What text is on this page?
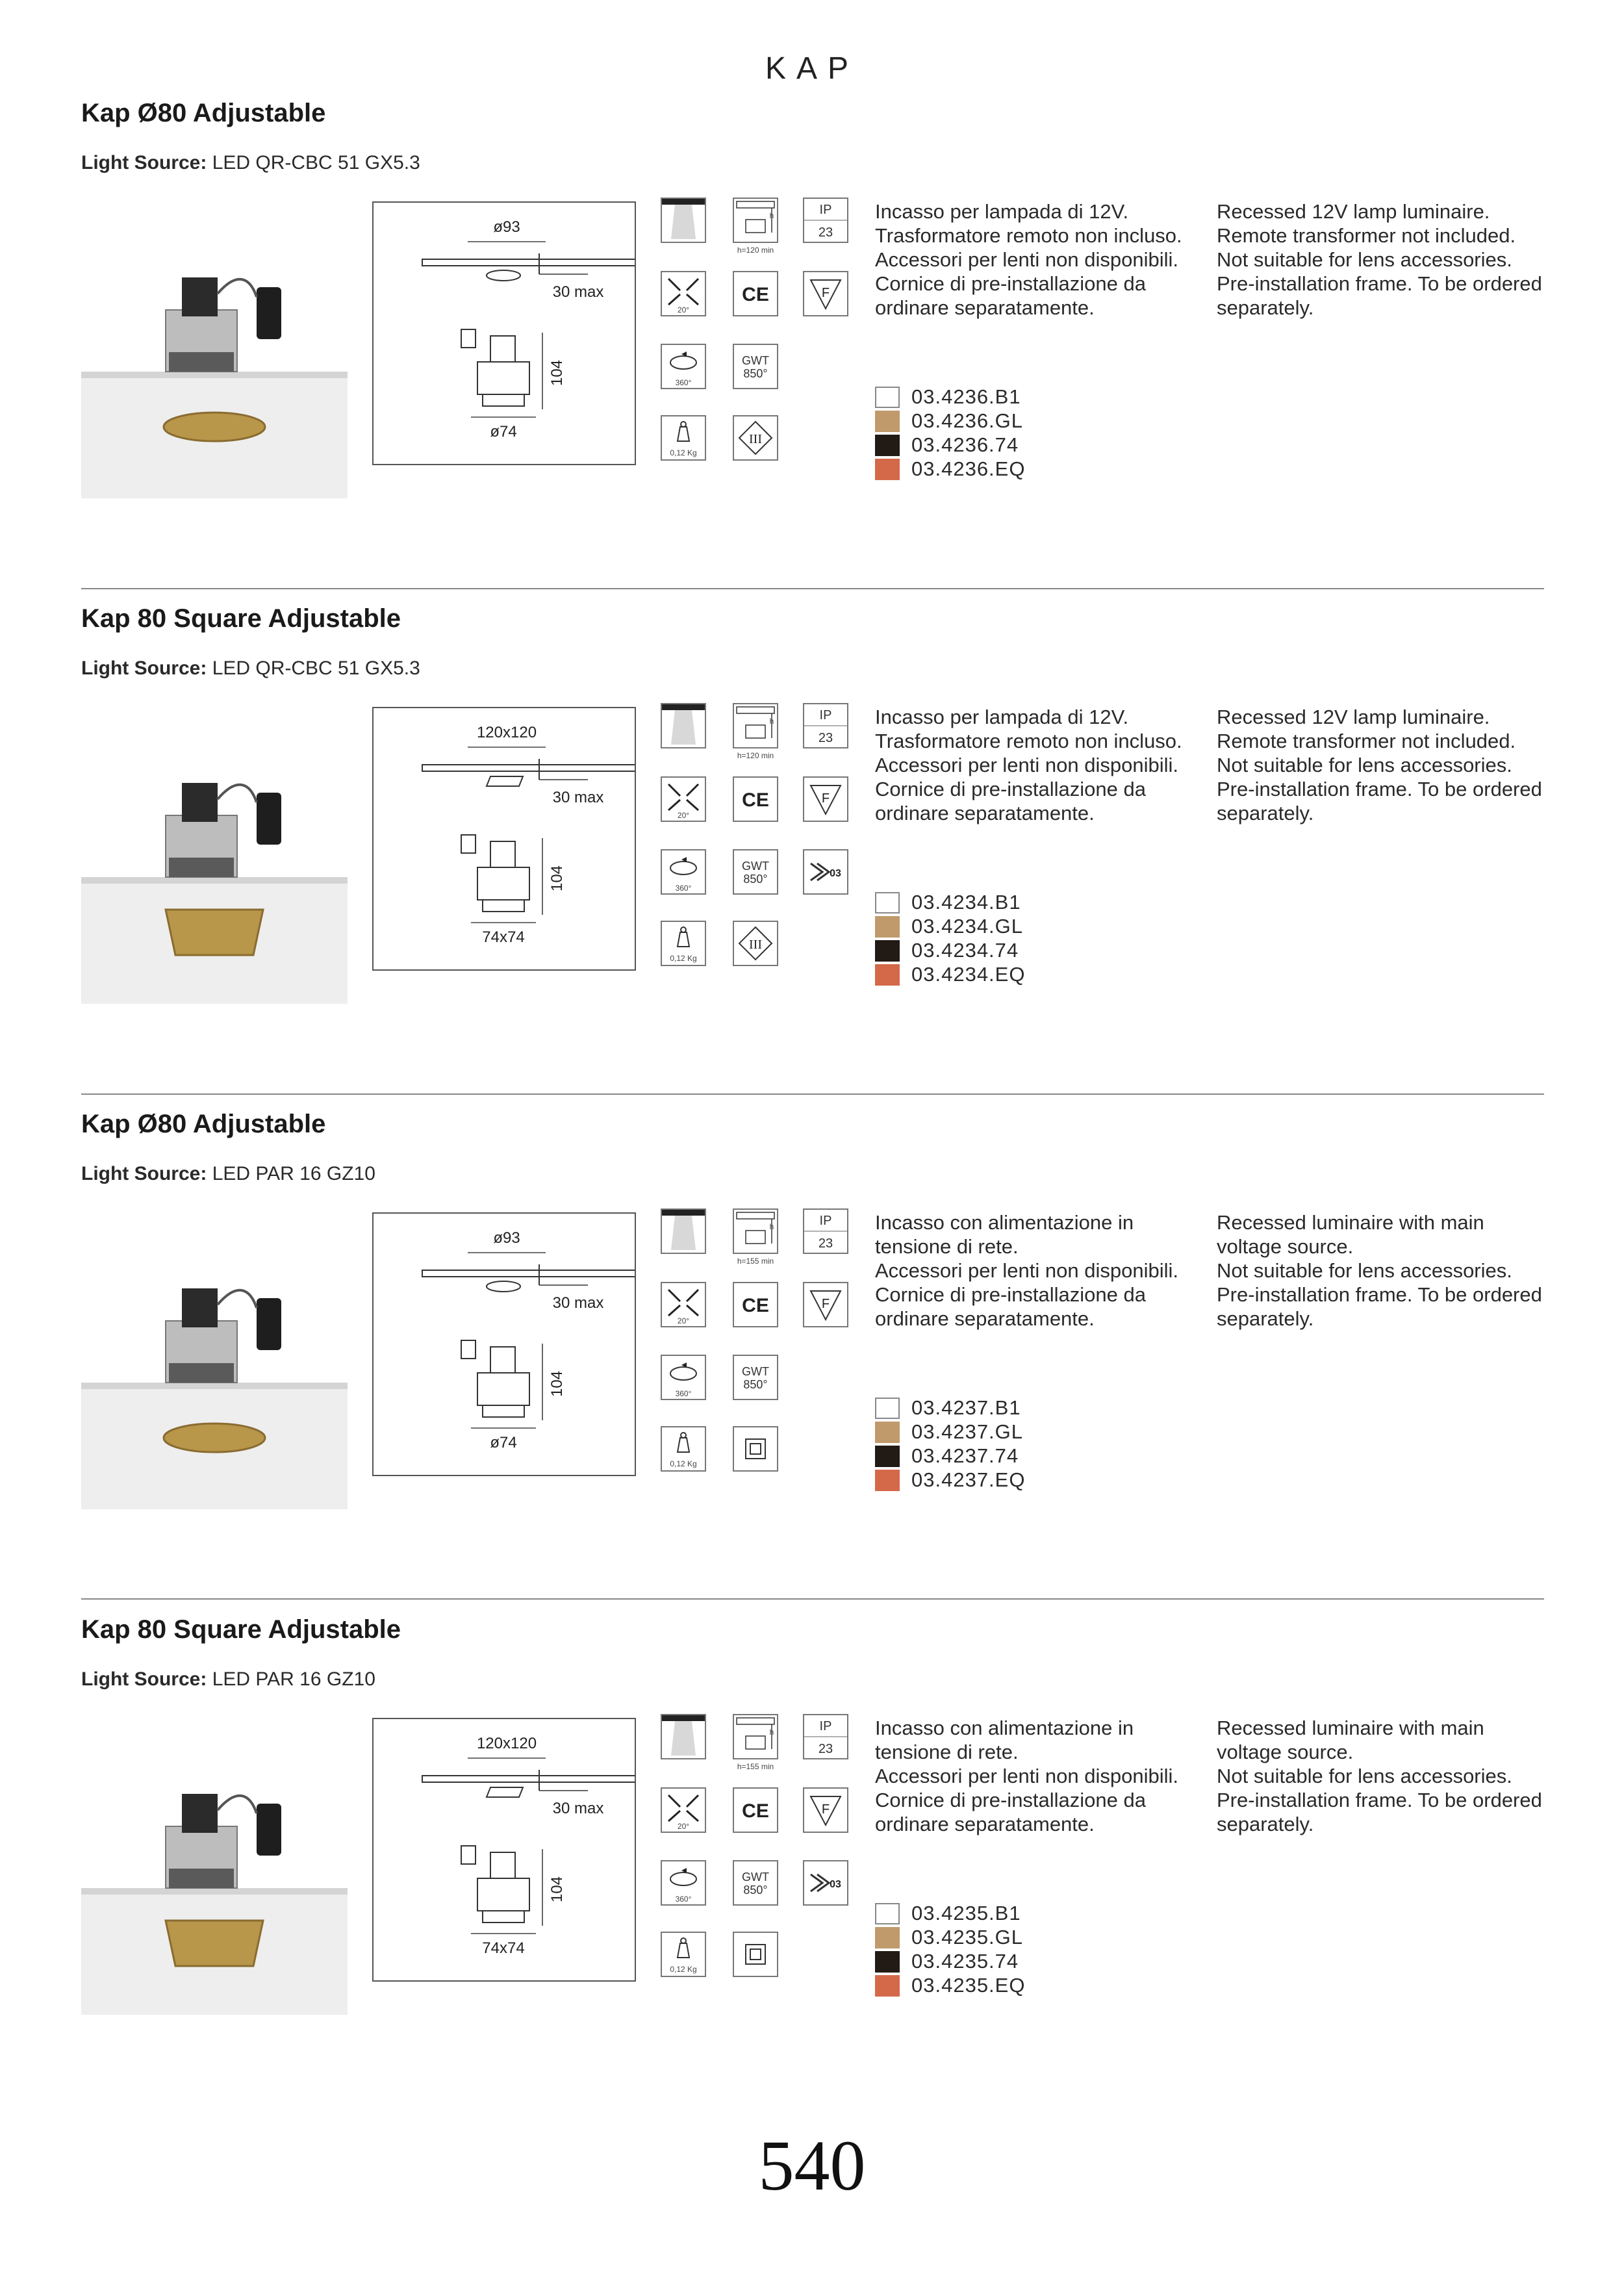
KAP
Kap Ø80 Adjustable
Light Source: LED QR-CBC 51 GX5.3
ø93
30 max
104
ø74
Incasso per lampada di 12V.
Trasformatore remoto non incluso.
Accessori per lenti non disponibili.
Cornice di pre-installazione da
ordinare separatamente.
Recessed 12V lamp luminaire.
Remote transformer not included.
Not suitable for lens accessories.
Pre-installation frame. To be ordered
separately.
03.4236.B1
03.4236.GL
03.4236.74
03.4236.EQ
20°
360°
0,12 Kg
h
h=120 min
CE
GWT
850°
III
IP
23
F
Kap 80 Square Adjustable
Light Source: LED QR-CBC 51 GX5.3
120x120
30 max
104
74x74
Incasso per lampada di 12V.
Trasformatore remoto non incluso.
Accessori per lenti non disponibili.
Cornice di pre-installazione da
ordinare separatamente.
Recessed 12V lamp luminaire.
Remote transformer not included.
Not suitable for lens accessories.
Pre-installation frame. To be ordered
separately.
03.4234.B1
03.4234.GL
03.4234.74
03.4234.EQ
20°
360°
0,12 Kg
h
h=120 min
CE
GWT
850°
III
IP
23
F
03
Kap Ø80 Adjustable
Light Source: LED PAR 16 GZ10
ø93
30 max
104
ø74
Incasso con alimentazione in
tensione di rete.
Accessori per lenti non disponibili.
Cornice di pre-installazione da
ordinare separatamente.
Recessed luminaire with main
voltage source.
Not suitable for lens accessories.
Pre-installation frame. To be ordered
separately.
03.4237.B1
03.4237.GL
03.4237.74
03.4237.EQ
20°
360°
0,12 Kg
h
h=155 min
CE
GWT
850°
IP
23
F
Kap 80 Square Adjustable
Light Source: LED PAR 16 GZ10
120x120
30 max
104
74x74
Incasso con alimentazione in
tensione di rete.
Accessori per lenti non disponibili.
Cornice di pre-installazione da
ordinare separatamente.
Recessed luminaire with main
voltage source.
Not suitable for lens accessories.
Pre-installation frame. To be ordered
separately.
03.4235.B1
03.4235.GL
03.4235.74
03.4235.EQ
20°
360°
0,12 Kg
h
h=155 min
CE
GWT
850°
IP
23
F
03
540
